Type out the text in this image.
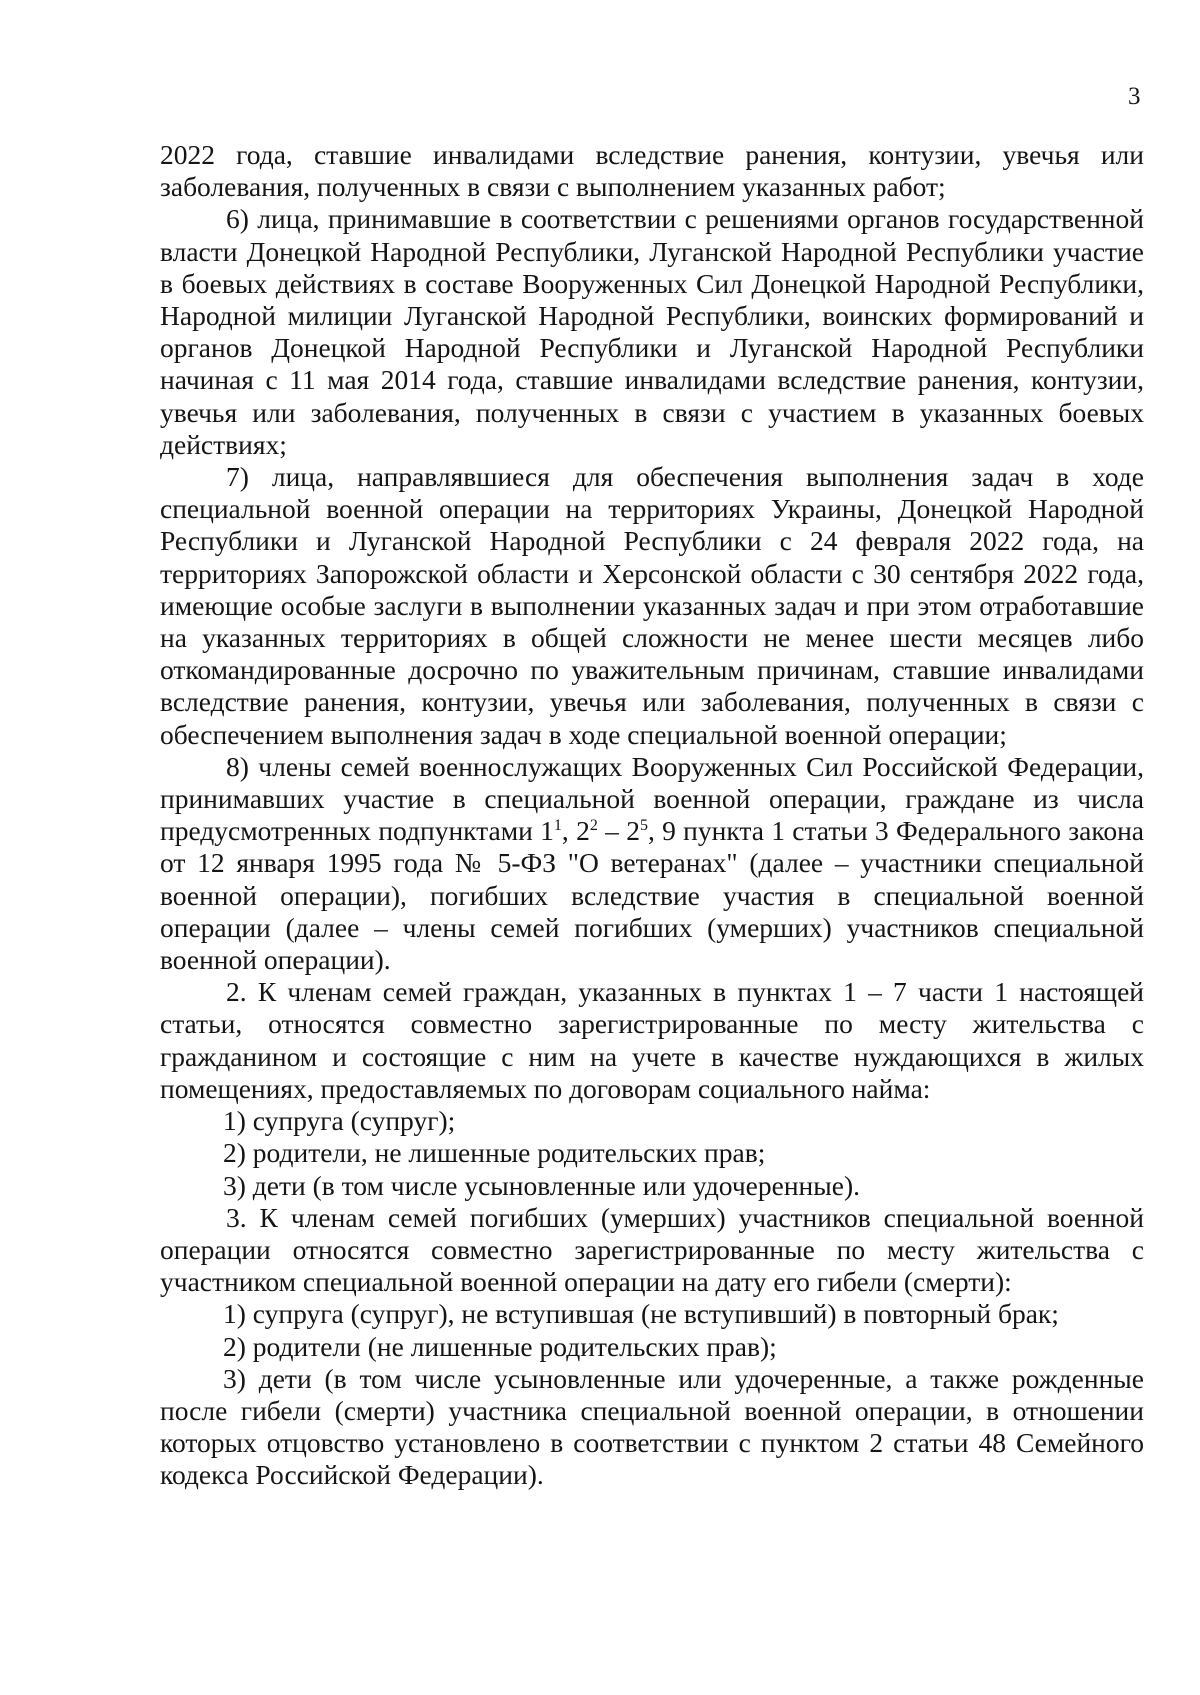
3

2022 года, ставшие инвалидами вследствие ранения, контузии, увечья или заболевания, полученных в связи с выполнением указанных работ;

6) лица, принимавшие в соответствии с решениями органов государственной власти Донецкой Народной Республики, Луганской Народной Республики участие в боевых действиях в составе Вооруженных Сил Донецкой Народной Республики, Народной милиции Луганской Народной Республики, воинских формирований и органов Донецкой Народной Республики и Луганской Народной Республики начиная с 11 мая 2014 года, ставшие инвалидами вследствие ранения, контузии, увечья или заболевания, полученных в связи с участием в указанных боевых действиях;

7) лица, направлявшиеся для обеспечения выполнения задач в ходе специальной военной операции на территориях Украины, Донецкой Народной Республики и Луганской Народной Республики с 24 февраля 2022 года, на территориях Запорожской области и Херсонской области с 30 сентября 2022 года, имеющие особые заслуги в выполнении указанных задач и при этом отработавшие на указанных территориях в общей сложности не менее шести месяцев либо откомандированные досрочно по уважительным причинам, ставшие инвалидами вследствие ранения, контузии, увечья или заболевания, полученных в связи с обеспечением выполнения задач в ходе специальной военной операции;

8) члены семей военнослужащих Вооруженных Сил Российской Федерации, принимавших участие в специальной военной операции, граждане из числа предусмотренных подпунктами $1^1$, $2^2 - 2^5$, 9 пункта 1 статьи 3 Федерального закона от 12 января 1995 года № 5-ФЗ "О ветеранах" (далее – участники специальной военной операции), погибших вследствие участия в специальной военной операции (далее – члены семей погибших (умерших) участников специальной военной операции).

2. К членам семей граждан, указанных в пунктах 1 – 7 части 1 настоящей статьи, относятся совместно зарегистрированные по месту жительства с гражданином и состоящие с ним на учете в качестве нуждающихся в жилых помещениях, предоставляемых по договорам социального найма:

1) супруга (супруг);

2) родители, не лишенные родительских прав;

3) дети (в том числе усыновленные или удочеренные).

3. К членам семей погибших (умерших) участников специальной военной операции относятся совместно зарегистрированные по месту жительства с участником специальной военной операции на дату его гибели (смерти):

1) супруга (супруг), не вступившая (не вступивший) в повторный брак;

2) родители (не лишенные родительских прав);

3) дети (в том числе усыновленные или удочеренные, а также рожденные после гибели (смерти) участника специальной военной операции, в отношении которых отцовство установлено в соответствии с пунктом 2 статьи 48 Семейного кодекса Российской Федерации).
